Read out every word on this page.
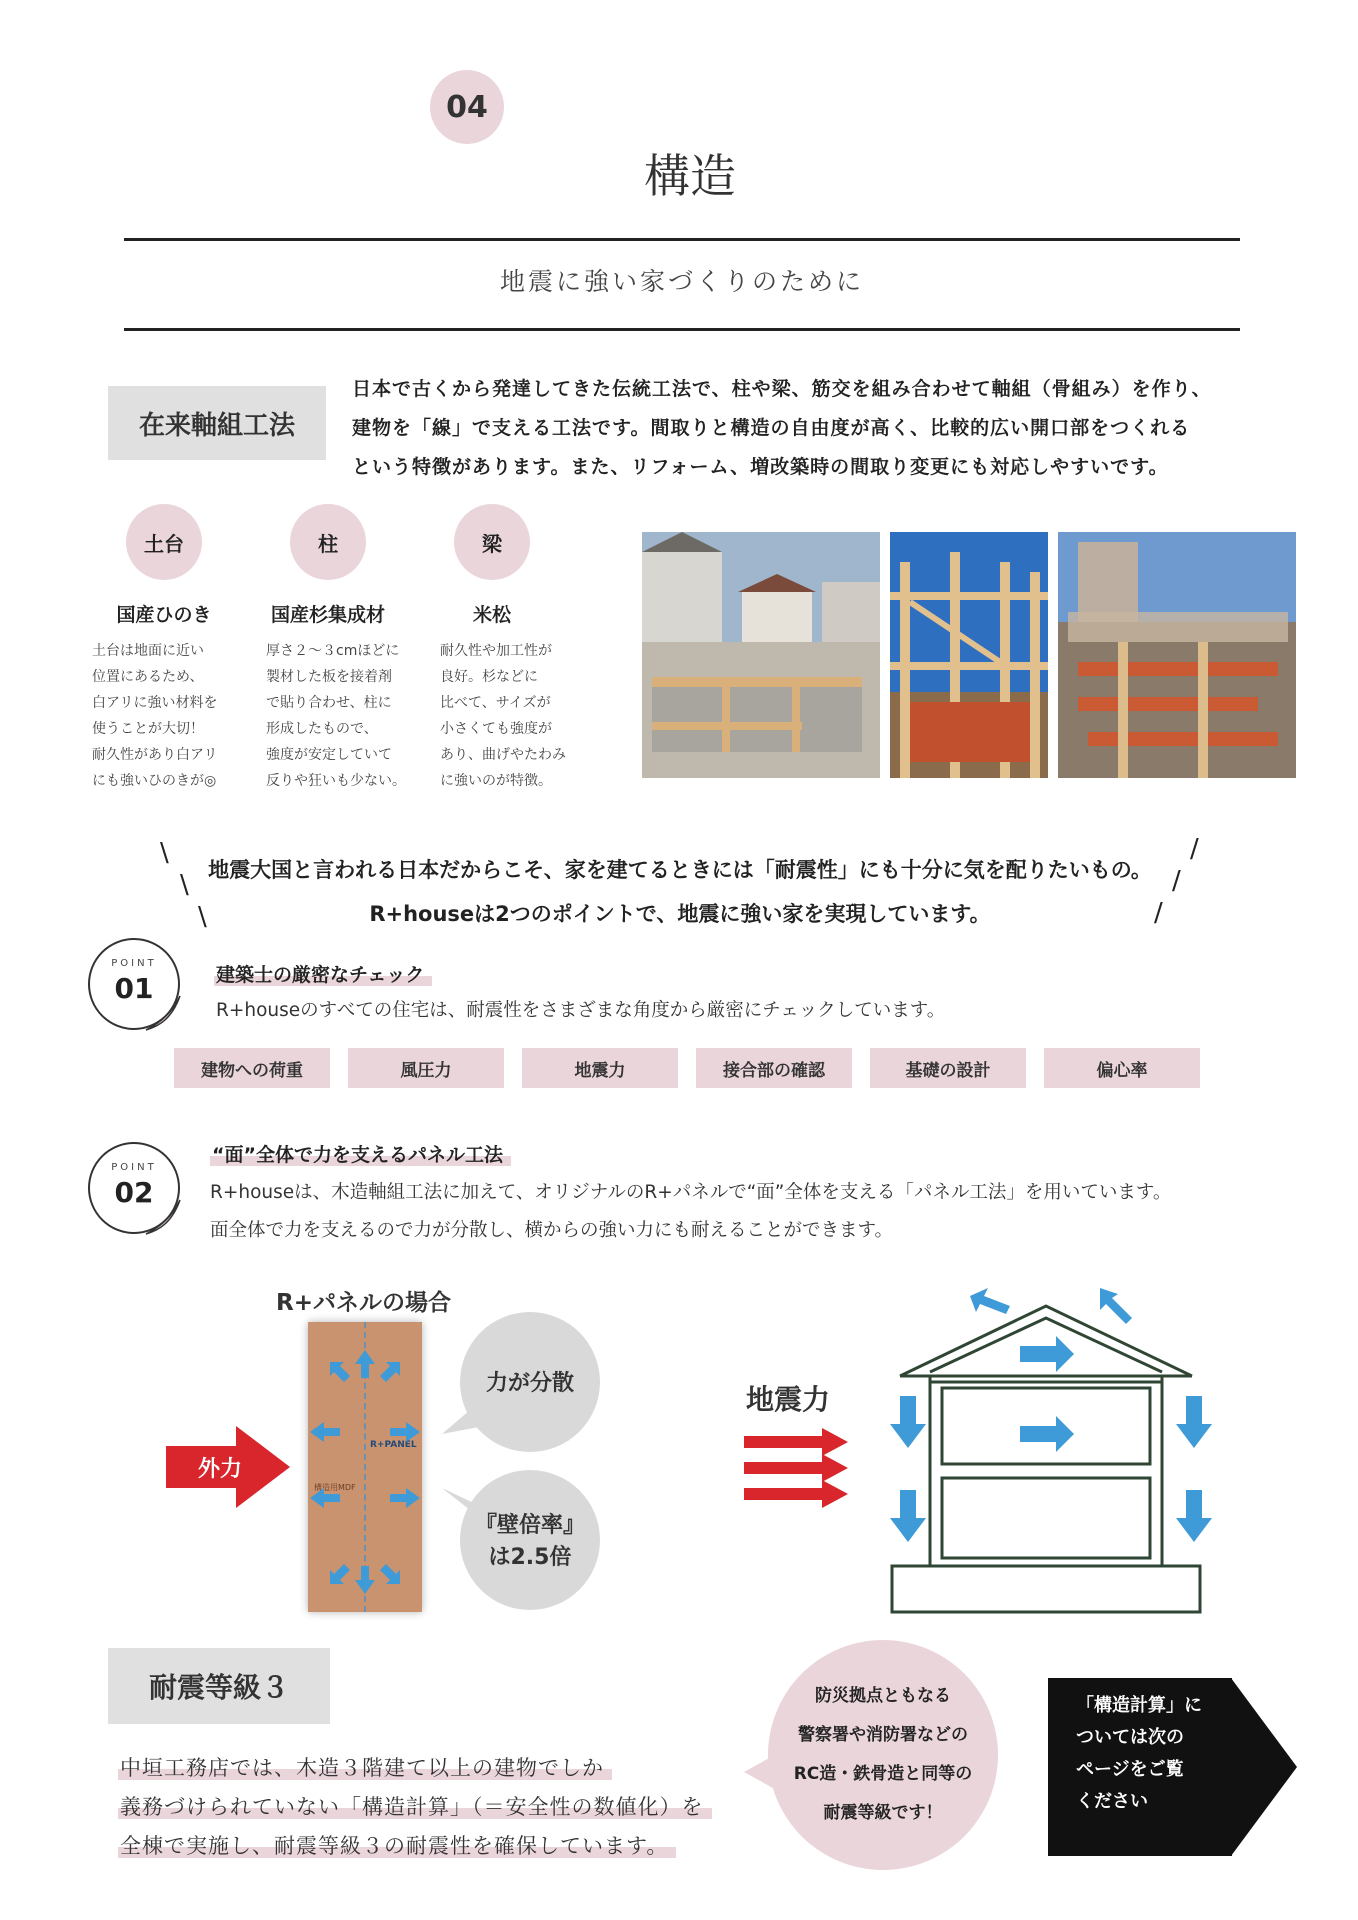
04
構造
地震に強い家づくりのために
在来軸組工法
日本で古くから発達してきた伝統工法で、柱や梁、筋交を組み合わせて軸組（骨組み）を作り、
建物を「線」で支える工法です。間取りと構造の自由度が高く、比較的広い開口部をつくれる
という特徴があります。また、リフォーム、増改築時の間取り変更にも対応しやすいです。
土台	柱	梁
国産ひのき	国産杉集成材	米松
土台は地面に近い
位置にあるため、
白アリに強い材料を
使うことが大切！
耐久性があり白アリ
にも強いひのきが◎
厚さ２〜３cmほどに
製材した板を接着剤
で貼り合わせ、柱に
形成したもので、
強度が安定していて
反りや狂いも少ない。
耐久性や加工性が
良好。杉などに
比べて、サイズが
小さくても強度が
あり、曲げやたわみ
に強いのが特徴。
\
\
\
/
/
/
地震大国と言われる日本だからこそ、家を建てるときには「耐震性」にも十分に気を配りたいもの。
R+houseは2つのポイントで、地震に強い家を実現しています。
POINT
01	建築士の厳密なチェック
R+houseのすべての住宅は、耐震性をさまざまな角度から厳密にチェックしています。
建物への荷重	風圧力	地震力	接合部の確認	基礎の設計	偏心率
POINT
02
“面”全体で力を支えるパネル工法
R+houseは、木造軸組工法に加えて、オリジナルのR+パネルで“面”全体を支える「パネル工法」を用いています。
面全体で力を支えるので力が分散し、横からの強い力にも耐えることができます。
R+パネルの場合
R+PANEL
構造用MDF
外力
力が分散
『壁倍率』
は2.5倍
地震力
耐震等級３
中垣工務店では、木造３階建て以上の建物でしか
義務づけられていない「構造計算」（＝安全性の数値化）を
全棟で実施し、耐震等級３の耐震性を確保しています。
防災拠点ともなる
警察署や消防署などの
RC造・鉄骨造と同等の
耐震等級です！
「構造計算」に
ついては次の
ページをご覧
ください
